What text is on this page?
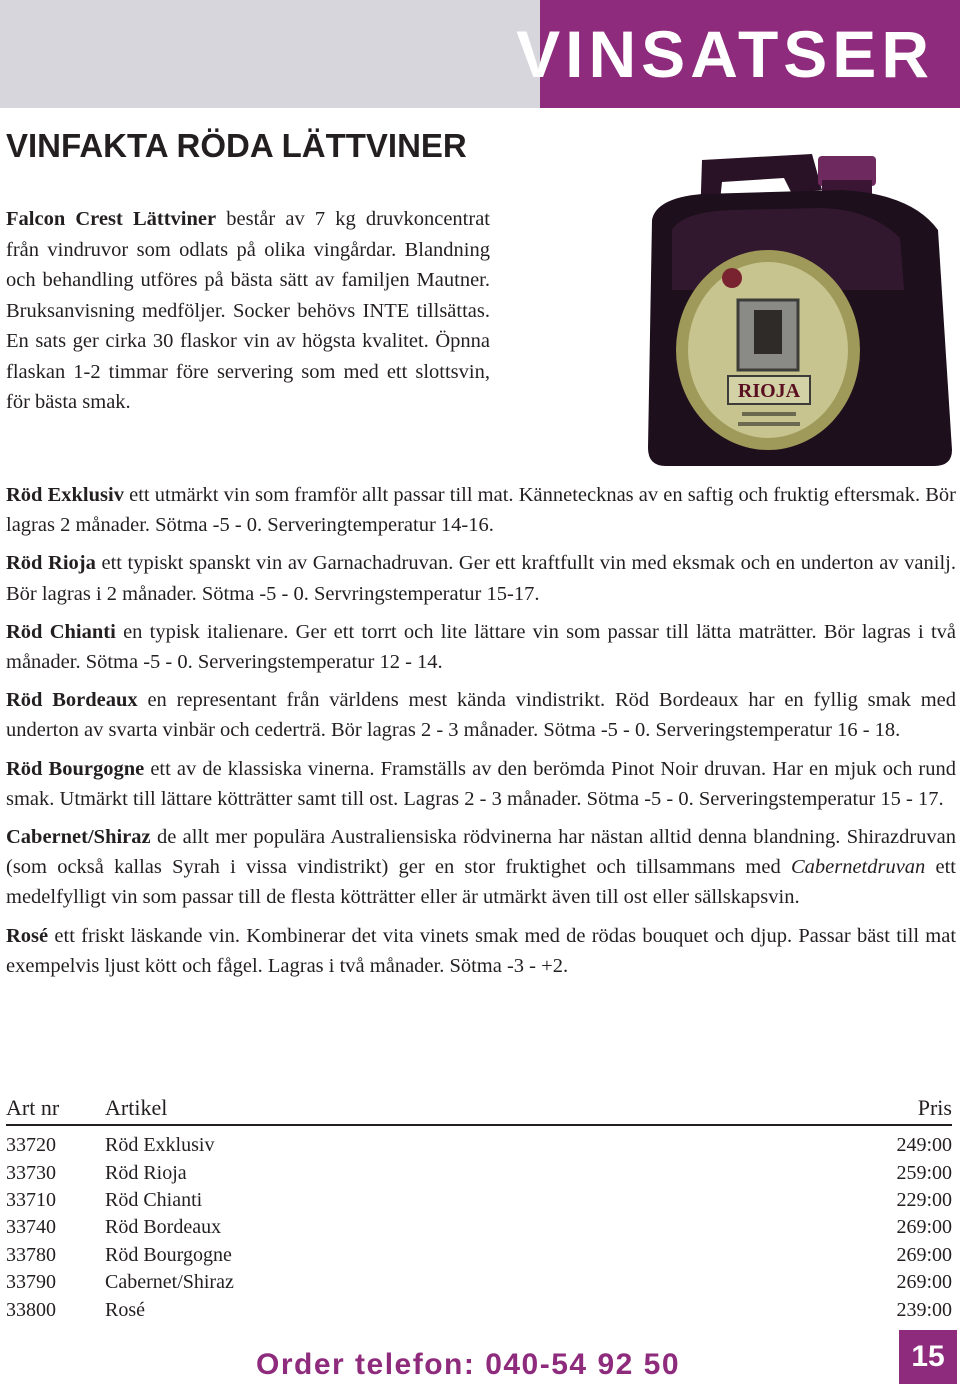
VINSATSER
VINFAKTA RÖDA LÄTTVINER

Falcon Crest Lättviner består av 7 kg druvkoncentrat från vindruvor som odlats på olika vingårdar. Blandning och behandling utföres på bästa sätt av familjen Mautner. Bruksanvisning medföljer. Socker behövs INTE tillsättas. En sats ger cirka 30 flaskor vin av högsta kvalitet. Öpnna flaskan 1-2 timmar före servering som med ett slottsvin, för bästa smak.	RIOJA

Röd Exklusiv ett utmärkt vin som framför allt passar till mat. Kännetecknas av en saftig och fruktig eftersmak. Bör lagras 2 månader. Sötma -5 - 0. Serveringtemperatur 14-16.

Röd Rioja ett typiskt spanskt vin av Garnachadruvan. Ger ett kraftfullt vin med eksmak och en underton av vanilj. Bör lagras i 2 månader. Sötma -5 - 0. Servringstemperatur 15-17.

Röd Chianti en typisk italienare. Ger ett torrt och lite lättare vin som passar till lätta maträtter. Bör lagras i två månader. Sötma -5 - 0. Serveringstemperatur 12 - 14.

Röd Bordeaux en representant från världens mest kända vindistrikt. Röd Bordeaux har en fyllig smak med underton av svarta vinbär och cederträ. Bör lagras 2 - 3 månader. Sötma -5 - 0. Serveringstemperatur 16 - 18.

Röd Bourgogne ett av de klassiska vinerna. Framställs av den berömda Pinot Noir druvan. Har en mjuk och rund smak. Utmärkt till lättare kötträtter samt till ost. Lagras 2 - 3 månader. Sötma -5 - 0. Serveringstemperatur 15 - 17.

Cabernet/Shiraz de allt mer populära Australiensiska rödvinerna har nästan alltid denna blandning. Shirazdruvan (som också kallas Syrah i vissa vindistrikt) ger en stor fruktighet och tillsammans med Cabernetdruvan ett medelfylligt vin som passar till de flesta kötträtter eller är utmärkt även till ost eller sällskapsvin.

Rosé ett friskt läskande vin. Kombinerar det vita vinets smak med de rödas bouquet och djup. Passar bäst till mat exempelvis ljust kött och fågel. Lagras i två månader. Sötma -3 - +2.

Art nr	Artikel	Pris
33720	Röd Exklusiv	249:00
33730	Röd Rioja	259:00
33710	Röd Chianti	229:00
33740	Röd Bordeaux	269:00
33780	Röd Bourgogne	269:00
33790	Cabernet/Shiraz	269:00
33800	Rosé	239:00

Order telefon: 040-54 92 50	15
